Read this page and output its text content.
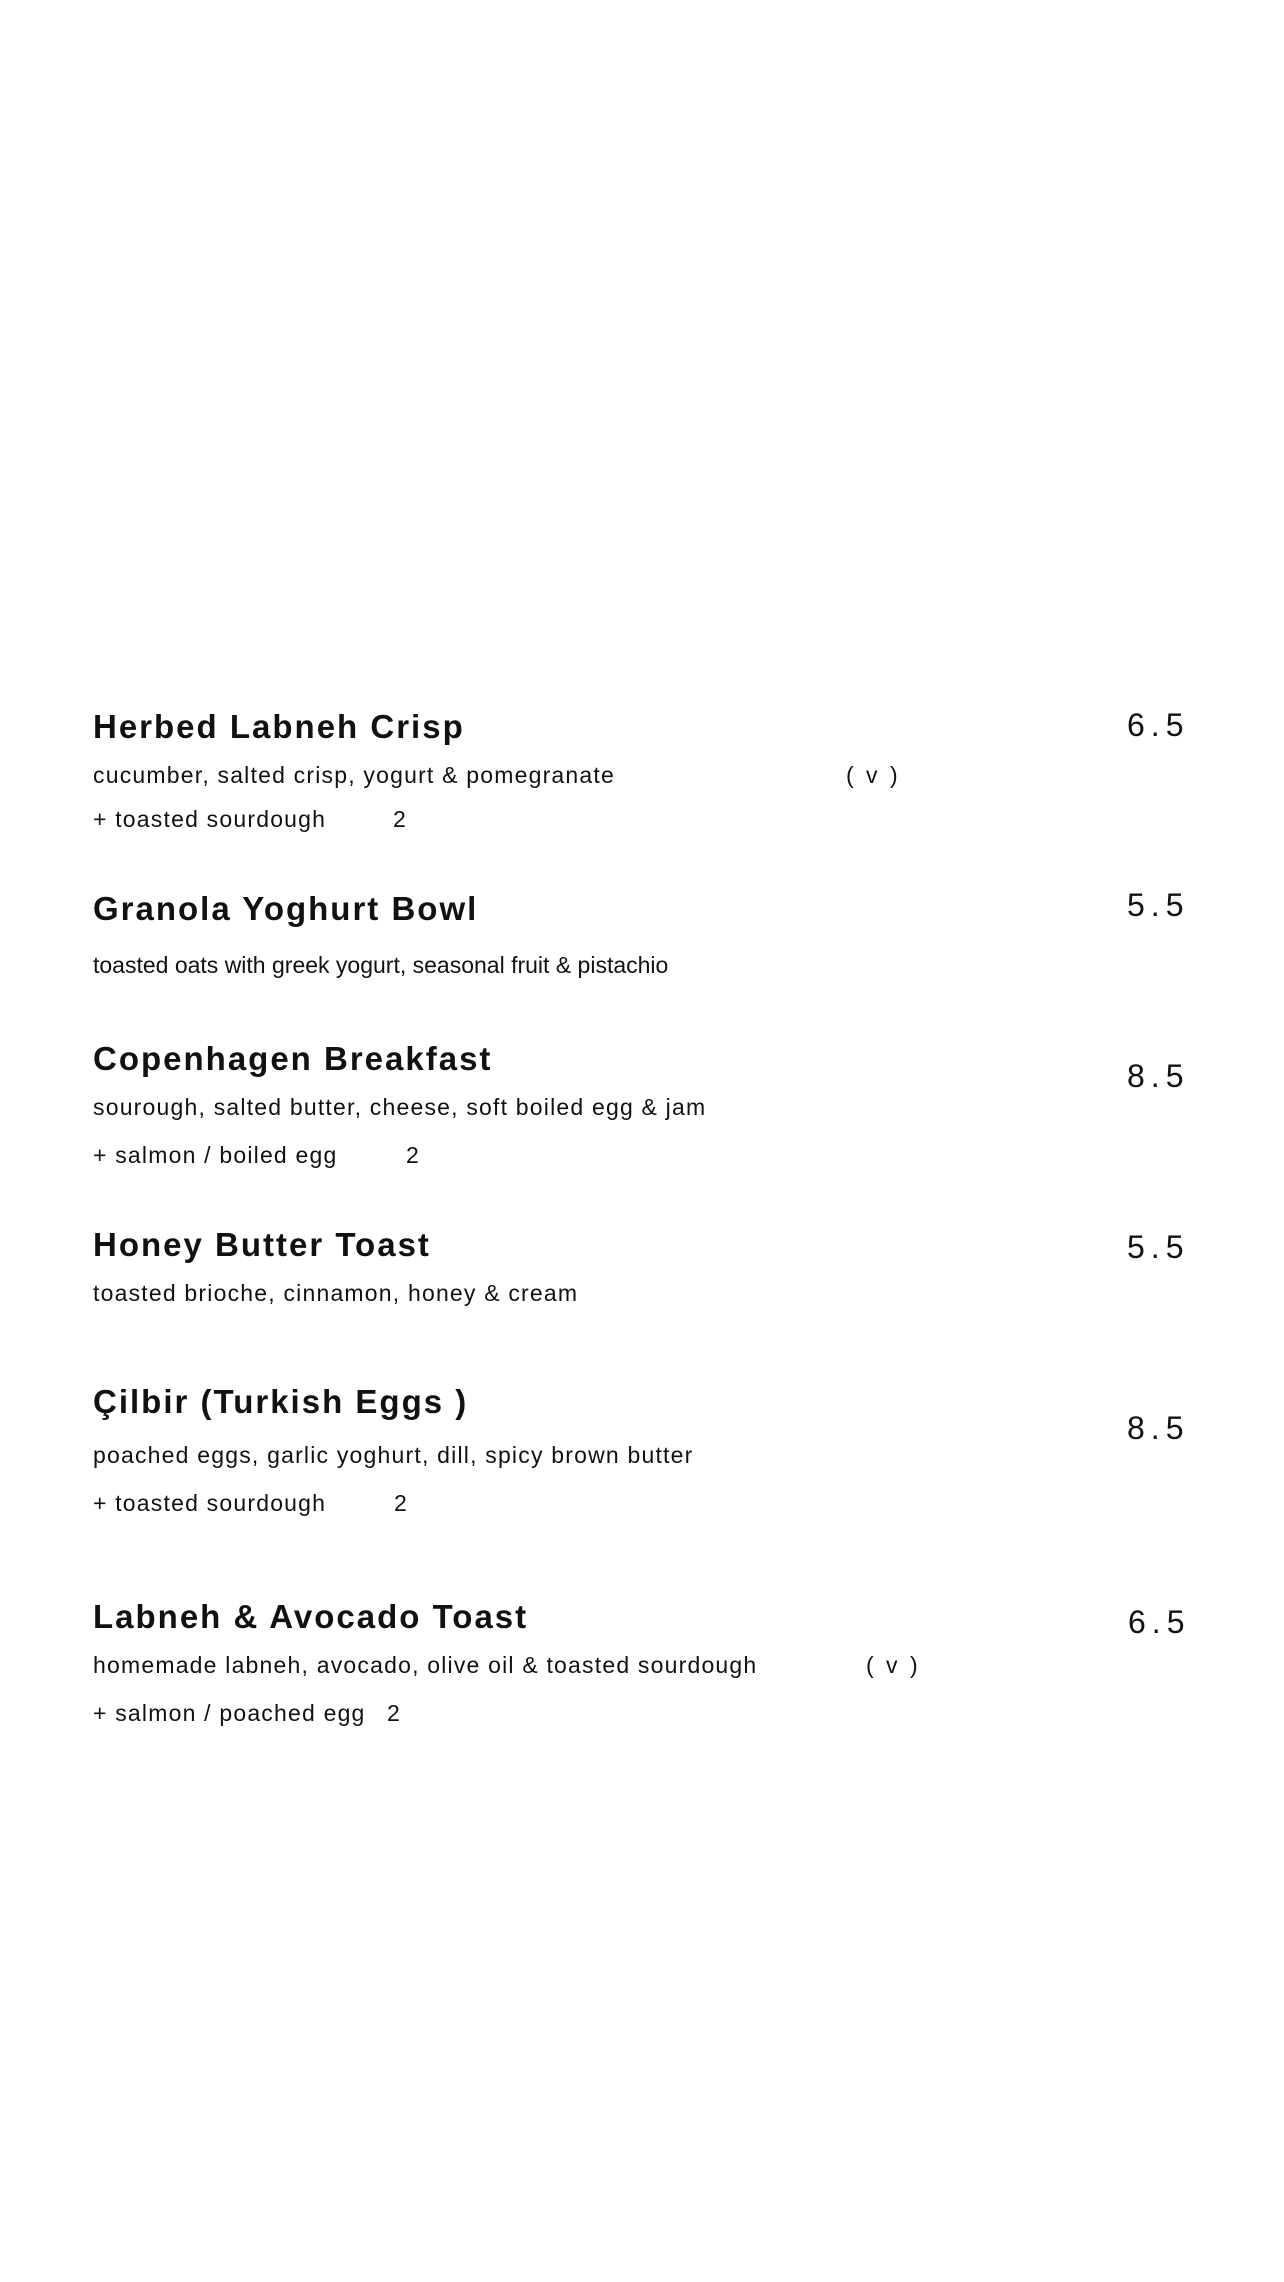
Herbed Labneh Crisp
cucumber, salted crisp, yogurt & pomegranate	( v )
+ toasted sourdough	2
6.5
Granola Yoghurt Bowl
toasted oats with greek yogurt, seasonal fruit & pistachio
5.5
Copenhagen Breakfast
sourough, salted butter, cheese, soft boiled egg & jam
+ salmon / boiled egg	2
8.5
Honey Butter Toast
toasted brioche, cinnamon, honey & cream
5.5
Çilbir (Turkish Eggs )
poached eggs, garlic yoghurt, dill, spicy brown butter
+ toasted sourdough	2
8.5
Labneh & Avocado Toast
homemade labneh, avocado, olive oil & toasted sourdough	( v )
+ salmon / poached egg 2
6.5
